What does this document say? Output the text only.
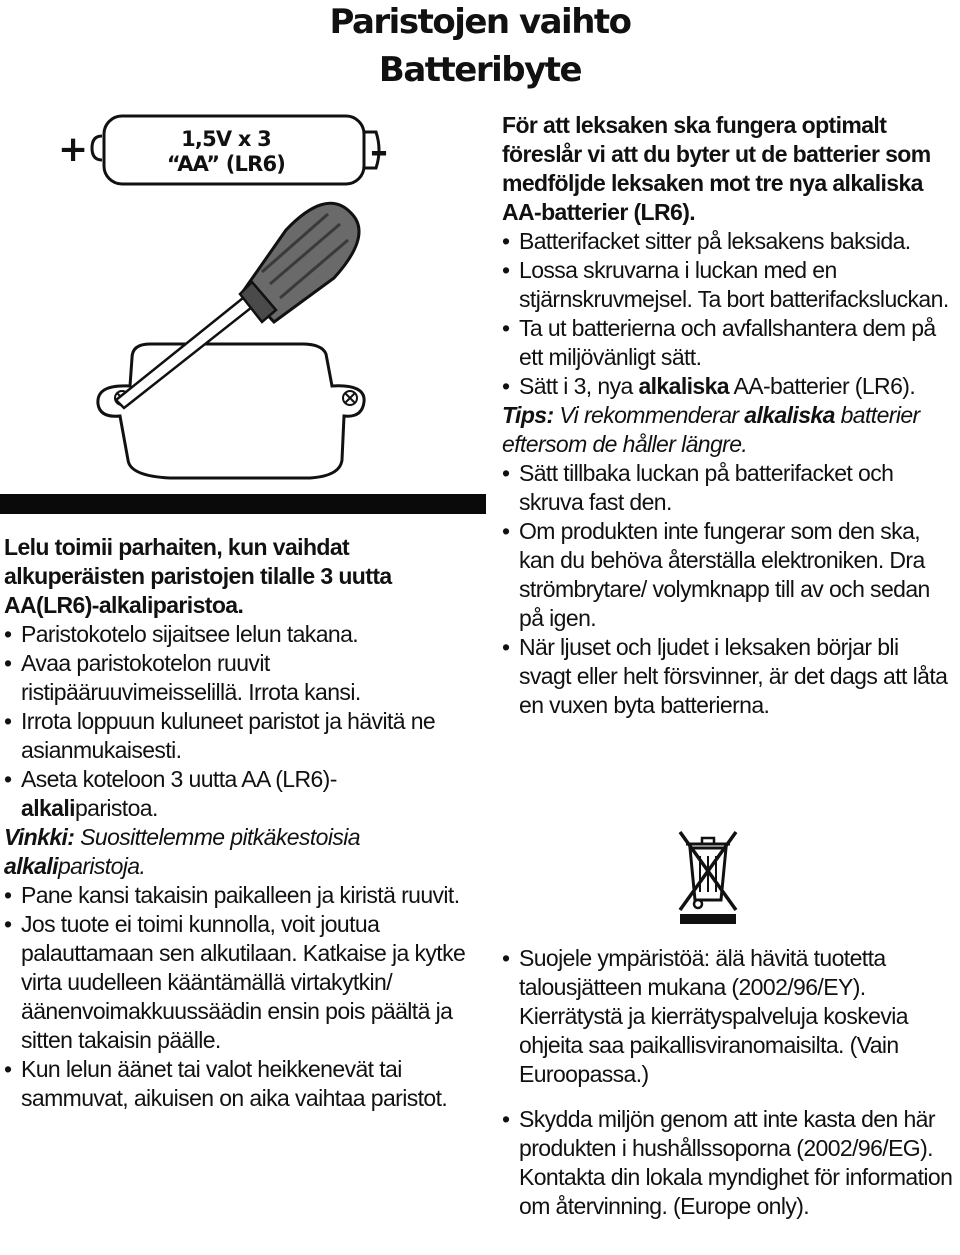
Paristojen vaihto
Batteribyte
+	–
1,5V x 3
“AA” (LR6)

Lelu toimii parhaiten, kun vaihdat alkuperäisten paristojen tilalle 3 uutta AA(LR6)-alkaliparistoa.

• Paristokotelo sijaitsee lelun takana.
• Avaa paristokotelon ruuvit ristipääruuvimeisselillä. Irrota kansi.
• Irrota loppuun kuluneet paristot ja hävitä ne asianmukaisesti.
• Aseta koteloon 3 uutta AA (LR6)-alkaliparistoa.

Vinkki: Suosittelemme pitkäkestoisia alkaliparistoja.

• Pane kansi takaisin paikalleen ja kiristä ruuvit.
• Jos tuote ei toimi kunnolla, voit joutua palauttamaan sen alkutilaan. Katkaise ja kytke virta uudelleen kääntämällä virtakytkin/äänenvoimakkuussäädin ensin pois päältä ja sitten takaisin päälle.
• Kun lelun äänet tai valot heikkenevät tai sammuvat, aikuisen on aika vaihtaa paristot.

För att leksaken ska fungera optimalt föreslår vi att du byter ut de batterier som medföljde leksaken mot tre nya alkaliska AA-batterier (LR6).

• Batterifacket sitter på leksakens baksida.
• Lossa skruvarna i luckan med en stjärnskruvmejsel. Ta bort batterifacksluckan.
• Ta ut batterierna och avfallshantera dem på ett miljövänligt sätt.
• Sätt i 3, nya alkaliska AA-batterier (LR6).

Tips: Vi rekommenderar alkaliska batterier eftersom de håller längre.

• Sätt tillbaka luckan på batterifacket och skruva fast den.
• Om produkten inte fungerar som den ska, kan du behöva återställa elektroniken. Dra strömbrytare/ volymknapp till av och sedan på igen.
• När ljuset och ljudet i leksaken börjar bli svagt eller helt försvinner, är det dags att låta en vuxen byta batterierna.
• Suojele ympäristöä: älä hävitä tuotetta talousjätteen mukana (2002/96/EY). Kierrätystä ja kierrätyspalveluja koskevia ohjeita saa paikallisviranomaisilta. (Vain Euroopassa.)
• Skydda miljön genom att inte kasta den här produkten i hushållssoporna (2002/96/EG). Kontakta din lokala myndighet för information om återvinning. (Europe only).
